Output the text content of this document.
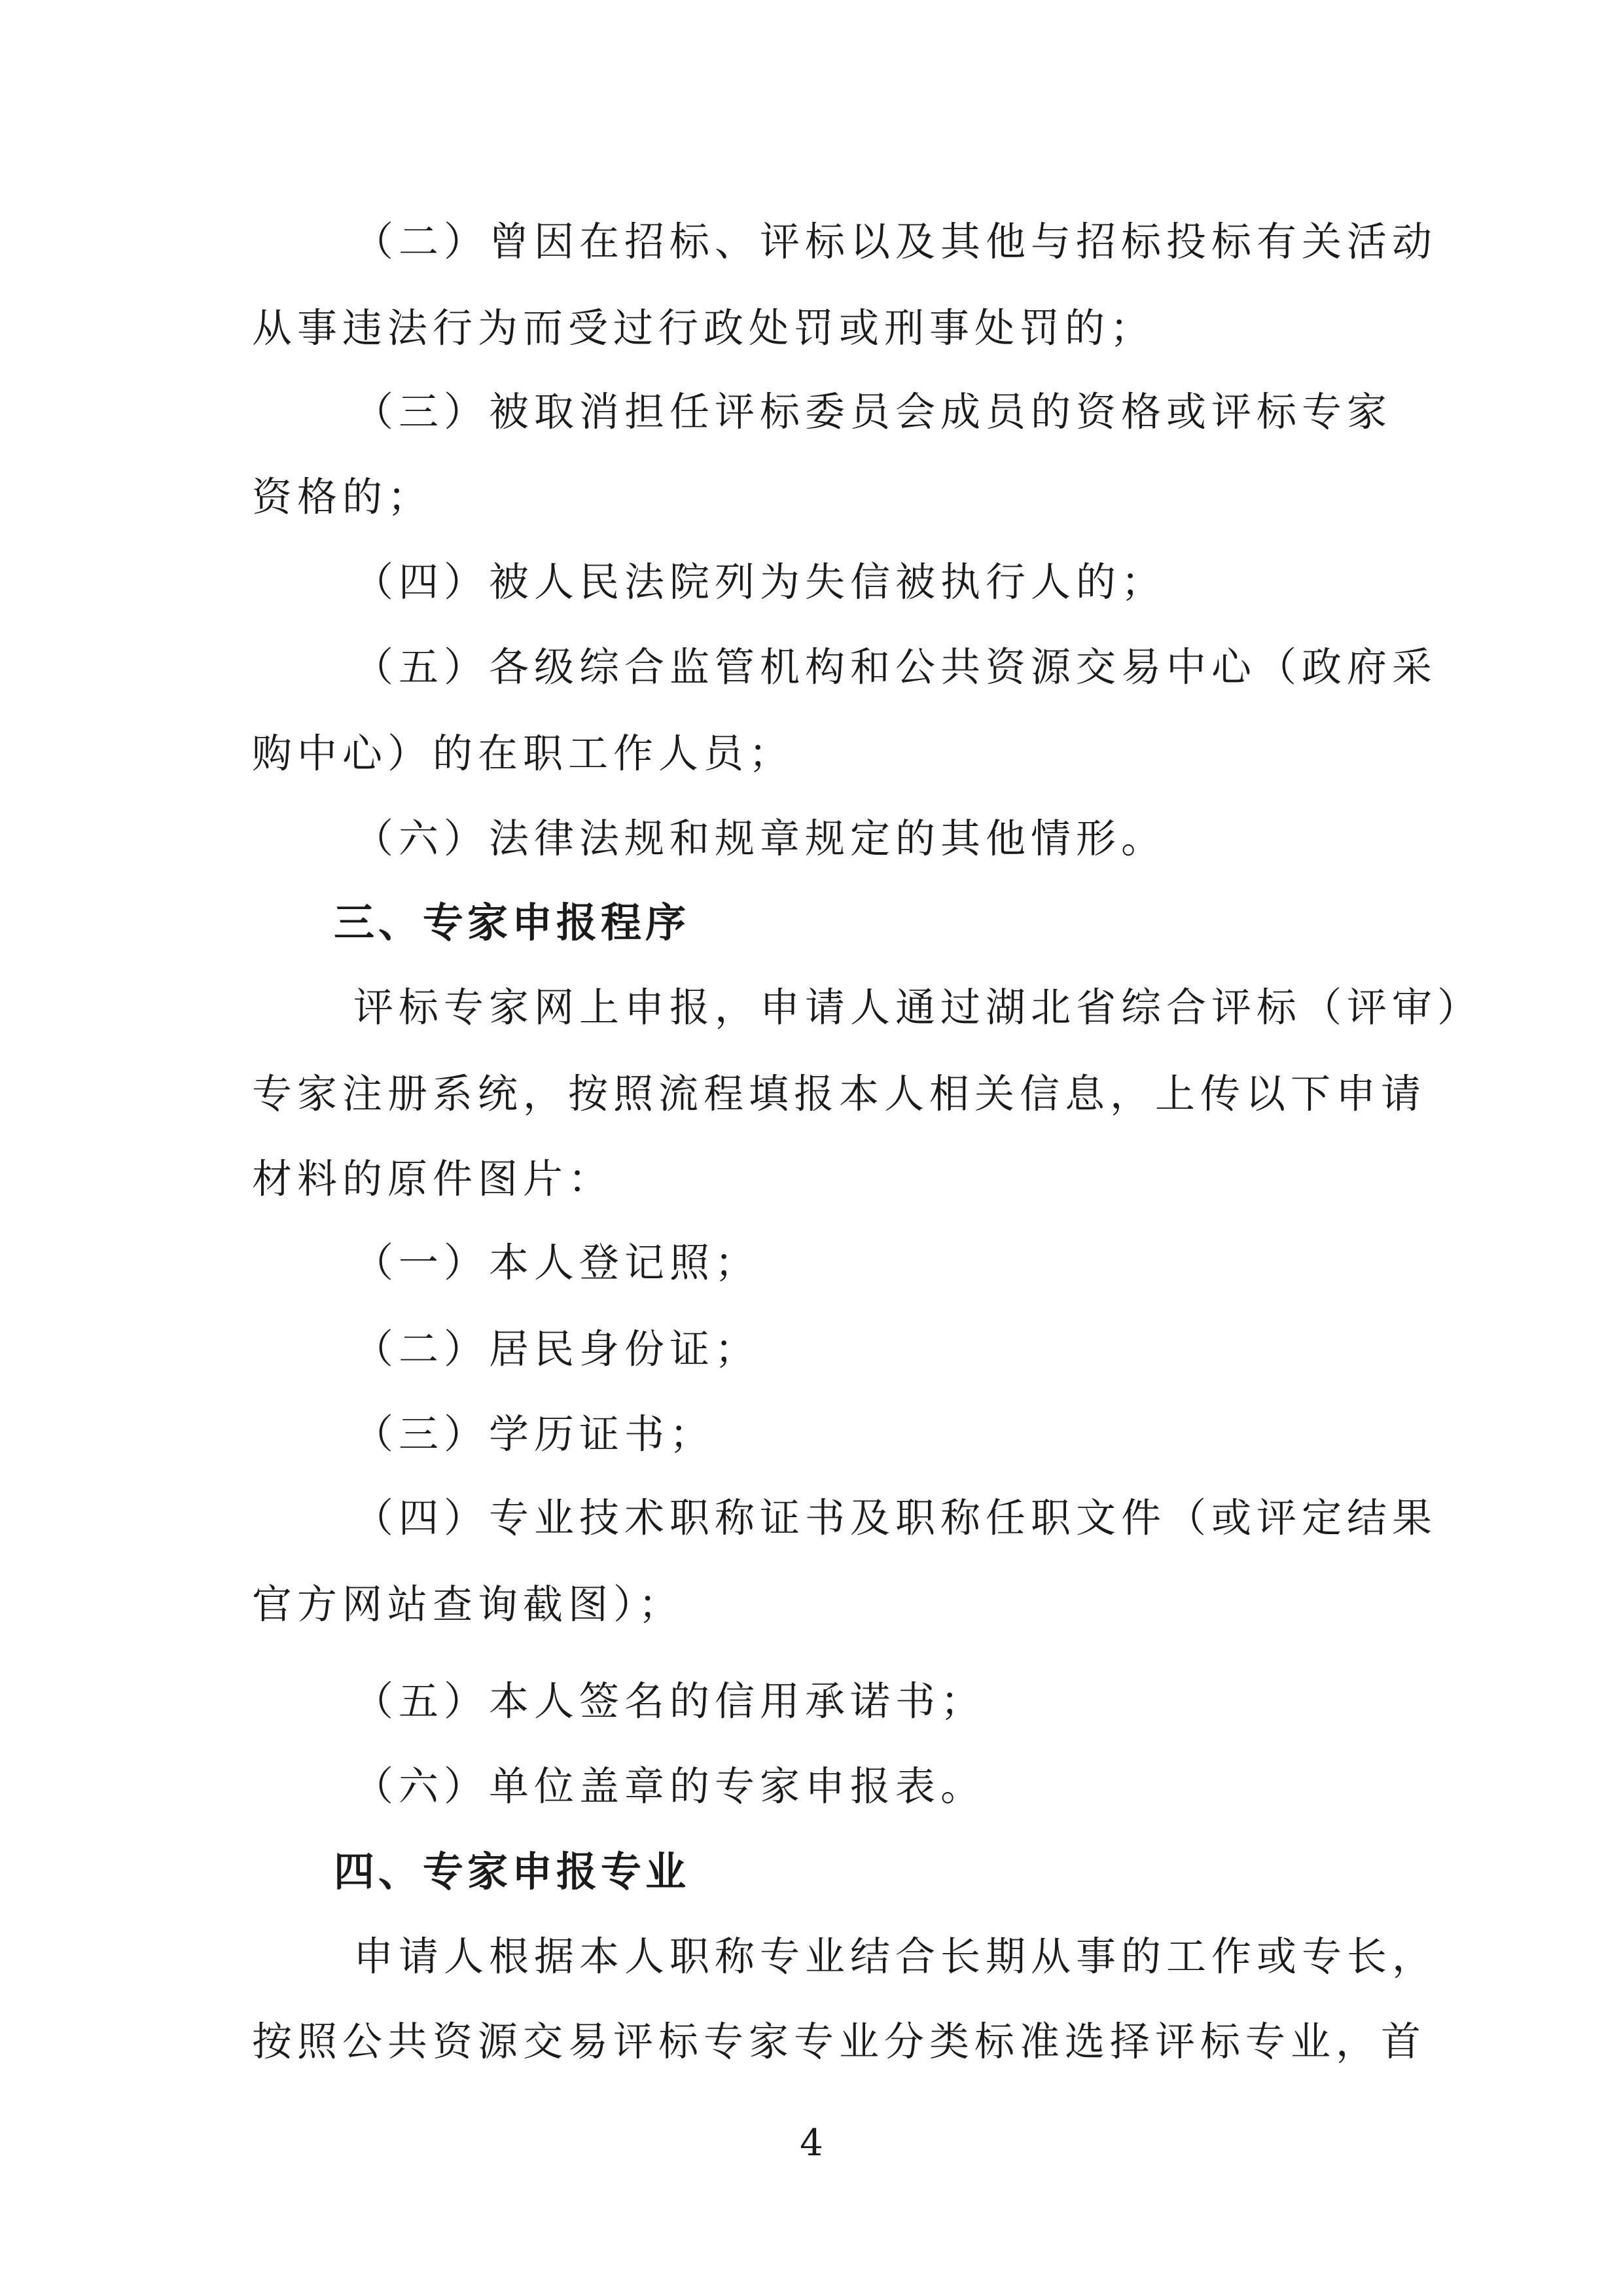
（二）曾因在招标、评标以及其他与招标投标有关活动
从事违法行为而受过行政处罚或刑事处罚的；
（三）被取消担任评标委员会成员的资格或评标专家
资格的；
（四）被人民法院列为失信被执行人的；
（五）各级综合监管机构和公共资源交易中心（政府采
购中心）的在职工作人员；
（六）法律法规和规章规定的其他情形。
三、专家申报程序
评标专家网上申报，申请人通过湖北省综合评标（评审）
专家注册系统，按照流程填报本人相关信息，上传以下申请
材料的原件图片：
（一）本人登记照；
（二）居民身份证；
（三）学历证书；
（四）专业技术职称证书及职称任职文件（或评定结果
官方网站查询截图）；
（五）本人签名的信用承诺书；
（六）单位盖章的专家申报表。
四、专家申报专业
申请人根据本人职称专业结合长期从事的工作或专长，
按照公共资源交易评标专家专业分类标准选择评标专业，首
4
